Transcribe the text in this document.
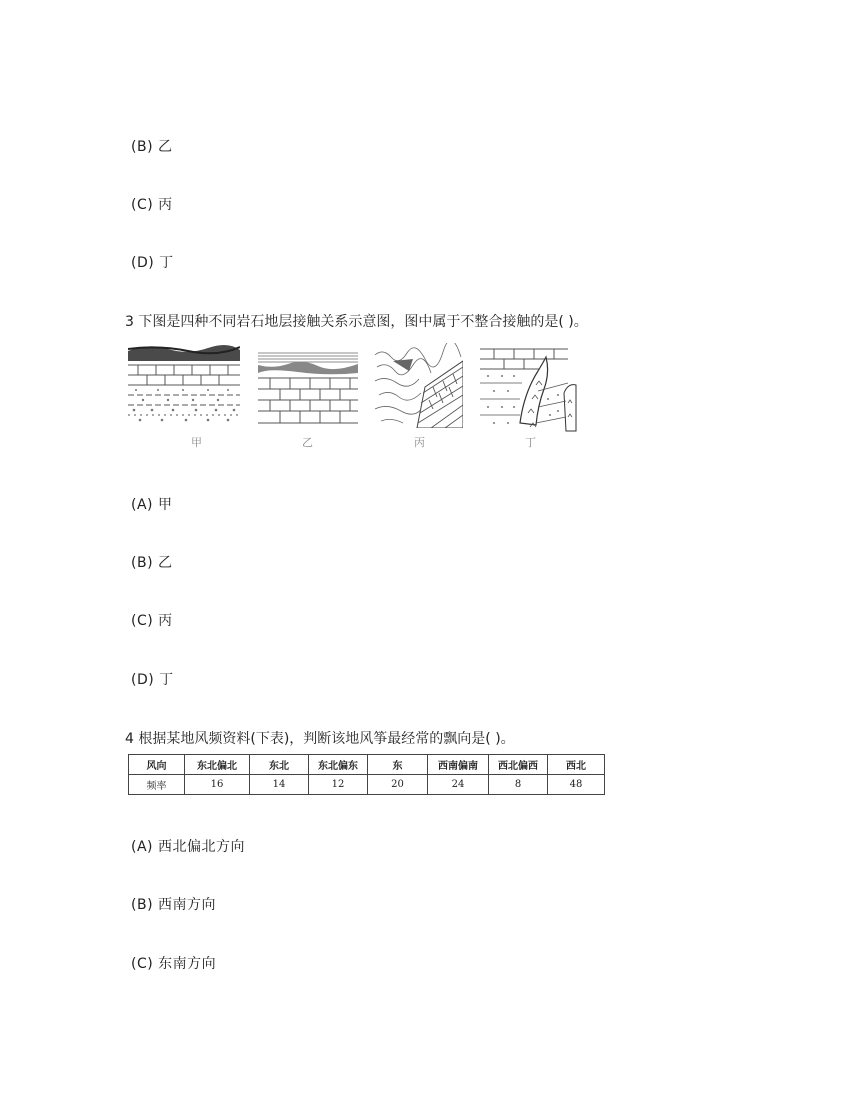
(B) 乙
(C) 丙
(D) 丁
3 下图是四种不同岩石地层接触关系示意图，图中属于不整合接触的是( )。
甲	乙	丙	丁
(A) 甲
(B) 乙
(C) 丙
(D) 丁
4 根据某地风频资料(下表)，判断该地风筝最经常的飘向是( )。
风向	东北偏北	东北	东北偏东	东	西南偏南	西北偏西	西北
频率	16	14	12	20	24	8	48
(A) 西北偏北方向
(B) 西南方向
(C) 东南方向
